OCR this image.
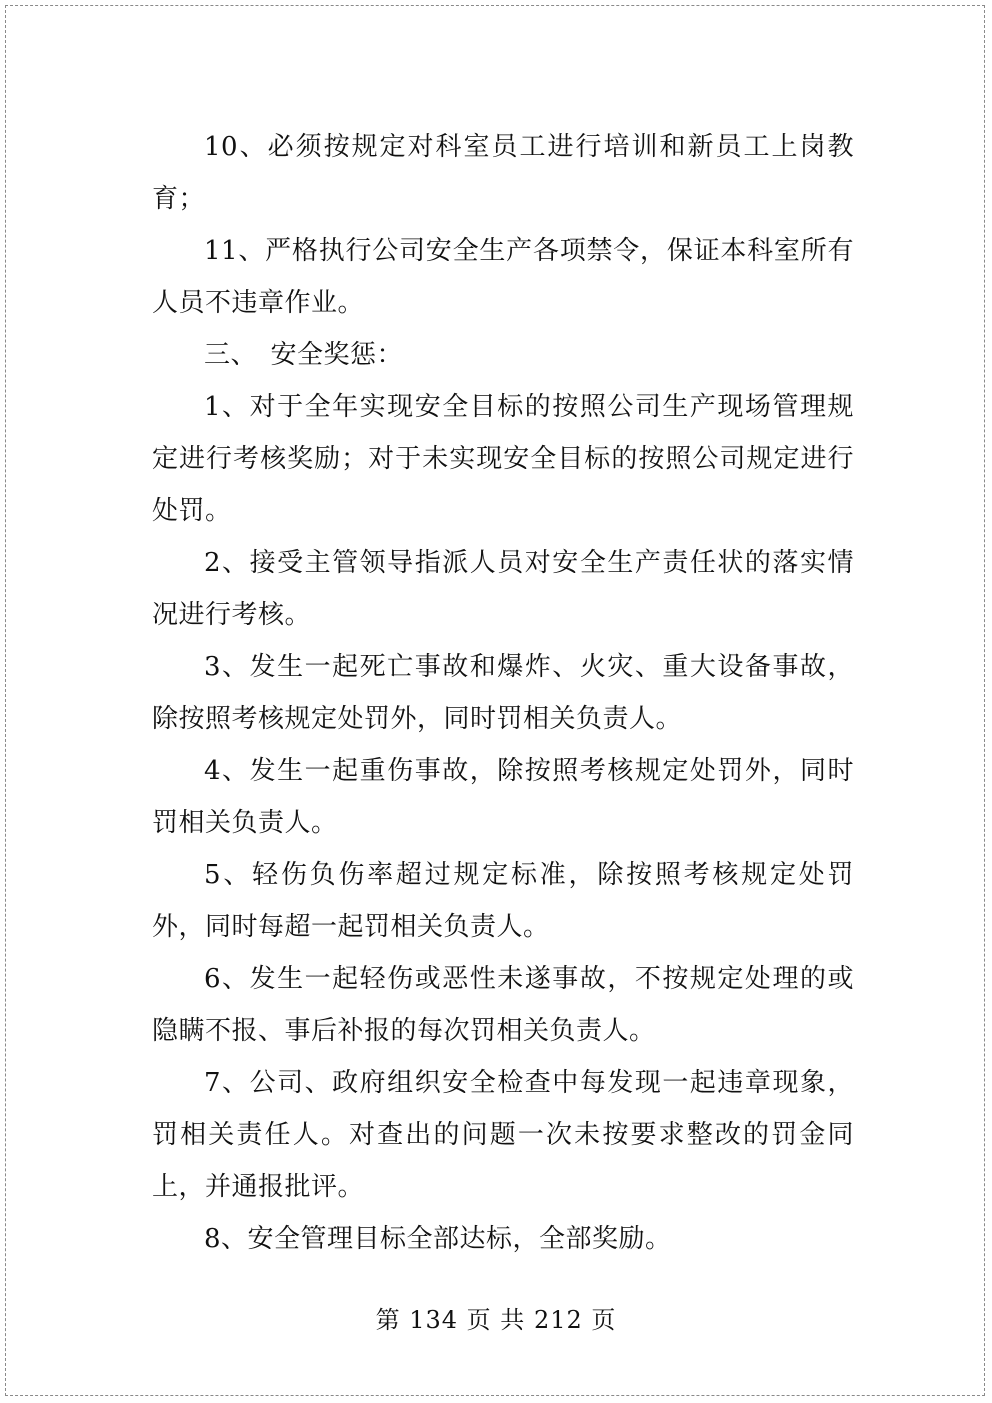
10、必须按规定对科室员工进行培训和新员工上岗教育；

11、严格执行公司安全生产各项禁令，保证本科室所有人员不违章作业。

三、　安全奖惩：

1、对于全年实现安全目标的按照公司生产现场管理规定进行考核奖励；对于未实现安全目标的按照公司规定进行处罚。

2、接受主管领导指派人员对安全生产责任状的落实情况进行考核。

3、发生一起死亡事故和爆炸、火灾、重大设备事故，除按照考核规定处罚外，同时罚相关负责人。

4、发生一起重伤事故，除按照考核规定处罚外，同时罚相关负责人。

5、轻伤负伤率超过规定标准，除按照考核规定处罚外，同时每超一起罚相关负责人。

6、发生一起轻伤或恶性未遂事故，不按规定处理的或隐瞒不报、事后补报的每次罚相关负责人。

7、公司、政府组织安全检查中每发现一起违章现象，罚相关责任人。对查出的问题一次未按要求整改的罚金同上，并通报批评。

8、安全管理目标全部达标，全部奖励。

第 134 页 共 212 页
